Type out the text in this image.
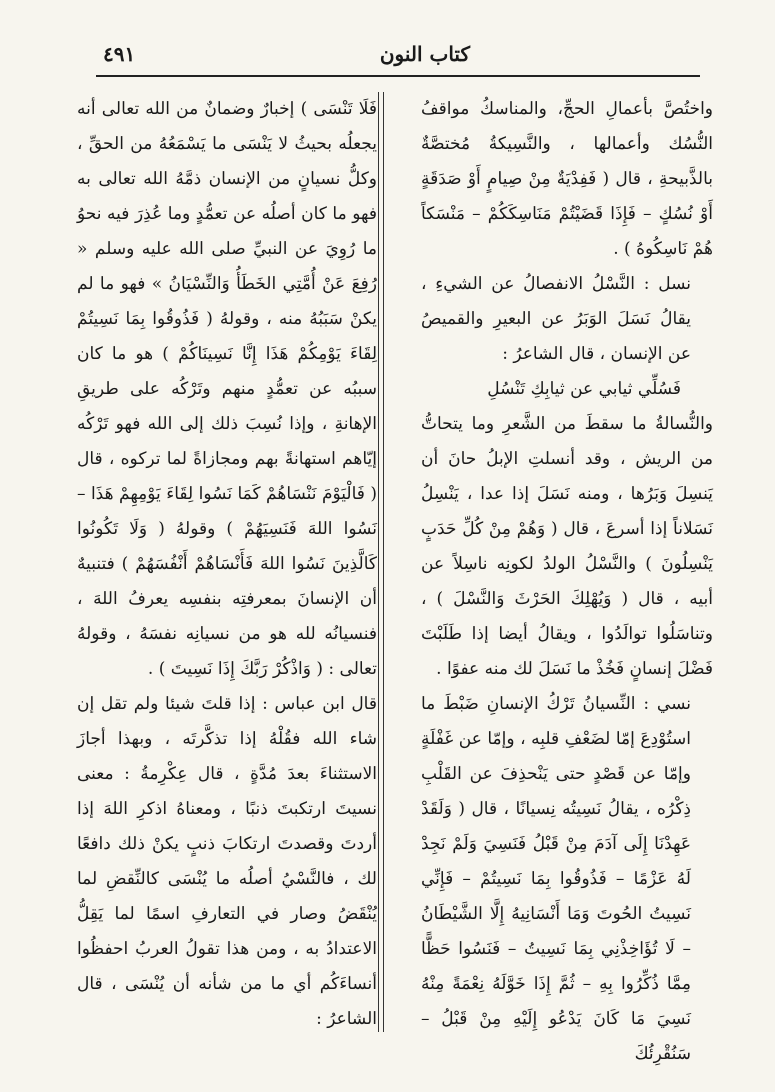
كتاب النون
٤٩١

واختُصَّ بأعمالِ الحجِّ، والمناسكُ مواقفُ النُّسُك وأعمالها ، والنَّسِيكةُ مُختصَّةٌ بالذَّبيحةِ ، قال ( فَفِدْيَةٌ مِنْ صِيامٍ أَوْ صَدَقَةٍ أَوْ نُسُكٍ – فَإِذَا قَضَيْتُمْ مَنَاسِكَكُمْ – مَنْسَكاً هُمْ نَاسِكُوهُ ) .

نسل : النَّسْلُ الانفصالُ عن الشيءِ ، يقالُ نَسَلَ الوَبَرُ عن البعيرِ والقميصُ عن الإنسان ، قال الشاعرُ :

فَسُلِّي ثيابي عن ثيابِكِ تَنْسُلِ

والنُّسالةُ ما سقطَ من الشَّعرِ وما يتحاتُّ من الريش ، وقد أنسلتِ الإبلُ حانَ أن يَنسِلَ وَبَرُها ، ومنه نَسَلَ إذا عدا ، يَنْسِلُ نَسَلاناً إذا أسرعَ ، قال ( وَهُمْ مِنْ كُلِّ حَدَبٍ يَنْسِلُونَ ) والنَّسْلُ الولدُ لكونِه ناسِلاً عن أبيه ، قال ( وَيُهْلِكَ الحَرْثَ وَالنَّسْلَ ) ، وتناسَلُوا توالَدُوا ، ويقالُ أيضا إذا طَلَبْتَ فَضْلَ إنسانٍ فَخُذْ ما نَسَلَ لك منه عفوًا .

نسي : النِّسيانُ تَرْكُ الإنسانِ ضَبْطَ ما استُوْدِعَ إمّا لضَعْفِ قلبِه ، وإمّا عن غَفْلَةٍ وإمّا عن قَصْدٍ حتى يَنْحذِفَ عن القَلْبِ ذِكْرُه ، يقالُ نَسِيتُه نِسيانًا ، قال ( وَلَقَدْ عَهِدْنَا إِلَى آدَمَ مِنْ قَبْلُ فَنَسِيَ وَلَمْ نَجِدْ لَهُ عَزْمًا – فَذُوقُوا بِمَا نَسِيتُمْ – فَإِنِّي نَسِيتُ الحُوتَ وَمَا أَنْسَانِيهُ إِلَّا الشَّيْطَانُ – لَا تُؤَاخِذْنِي بِمَا نَسِيتُ – فَنَسُوا حَظًّا مِمَّا ذُكِّرُوا بِهِ – ثُمَّ إِذَا خَوَّلَهُ نِعْمَةً مِنْهُ نَسِيَ مَا كَانَ يَدْعُو إِلَيْهِ مِنْ قَبْلُ – سَنُقْرِئُكَ

فَلَا تَنْسَى ) إخبارٌ وضمانٌ من الله تعالى أنه يجعلُه بحيثُ لا يَنْسَى ما يَسْمَعُهُ من الحقِّ ، وكلُّ نسيانٍ من الإنسان ذمَّهُ الله تعالى به فهو ما كان أصلُه عن تعمُّدٍ وما عُذِرَ فيه نحوُ ما رُوِيَ عن النبيِّ صلى الله عليه وسلم « رُفِعَ عَنْ أُمَّتِي الخَطَأُ وَالنِّسْيَانُ » فهو ما لم يكنْ سَبَبُهُ منه ، وقولهُ ( فَذُوقُوا بِمَا نَسِيتُمْ لِقَاءَ يَوْمِكُمْ هَذَا إِنَّا نَسِينَاكُمْ ) هو ما كان سببُه عن تعمُّدٍ منهم وتَرْكُه على طريقِ الإهانةِ ، وإذا نُسِبَ ذلك إلى الله فهو تَرْكُه إيّاهم استهانةً بهم ومجازاةً لما تركوه ، قال ( فَالْيَوْمَ نَنْسَاهُمْ كَمَا نَسُوا لِقَاءَ يَوْمِهِمْ هَذَا – نَسُوا اللهَ فَنَسِيَهُمْ ) وقولهُ ( وَلَا تَكُونُوا كَالَّذِينَ نَسُوا اللهَ فَأَنْسَاهُمْ أَنْفُسَهُمْ ) فتنبيهٌ أن الإنسانَ بمعرفتِه بنفسِه يعرفُ اللهَ ، فنسيانُه لله هو من نسيانِه نفسَهُ ، وقولهُ تعالى : ( وَاذْكُرْ رَبَّكَ إِذَا نَسِيتَ ) .

قال ابن عباس : إذا قلتَ شيئا ولم تقل إن شاء الله فقُلْهُ إذا تذكَّرتَه ، وبهذا أجازَ الاستثناءَ بعدَ مُدَّةٍ ، قال عِكْرِمةُ : معنى نسيتَ ارتكبتَ ذنبًا ، ومعناهُ اذكرِ اللهَ إذا أردتَ وقصدتَ ارتكابَ ذنبٍ يكنْ ذلك دافعًا لك ، فالنَّسْيُ أصلُه ما يُنْسَى كالنِّقضِ لما يُنْقَضُ وصار في التعارفِ اسمًا لما يَقِلُّ الاعتدادُ به ، ومن هذا تقولُ العربُ احفظُوا أنساءَكُم أي ما من شأنه أن يُنْسَى ، قال الشاعرُ :
